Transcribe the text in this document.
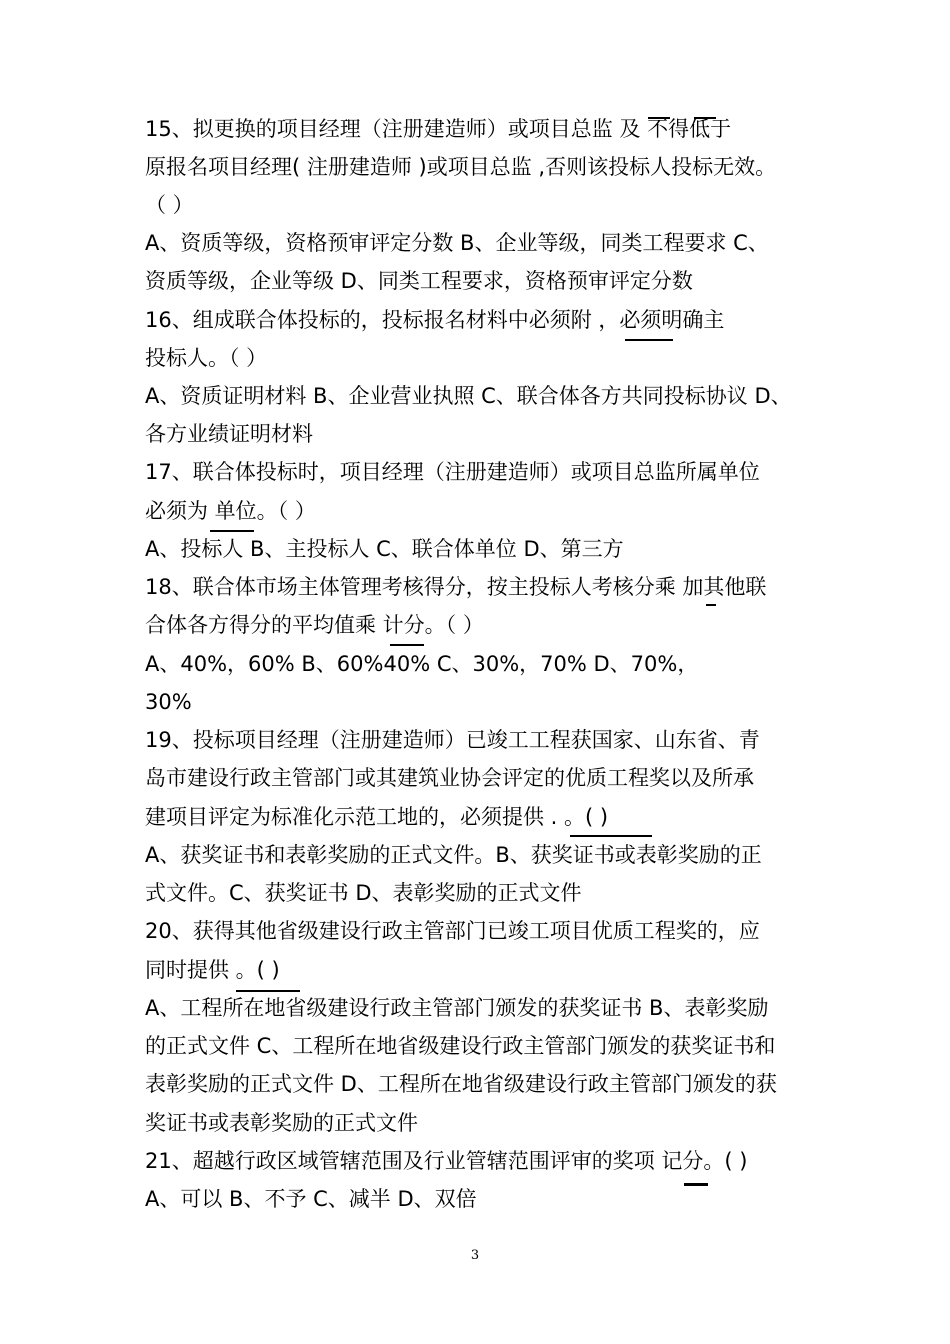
15、拟更换的项目经理（注册建造师）或项目总监 及 不得低于
原报名项目经理( 注册建造师 )或项目总监 ,否则该投标人投标无效。
（ ）
A、资质等级，资格预审评定分数 B、企业等级，同类工程要求 C、
资质等级，企业等级 D、同类工程要求，资格预审评定分数
16、组成联合体投标的，投标报名材料中必须附 ，必须明确主
投标人。（ ）
A、资质证明材料 B、企业营业执照 C、联合体各方共同投标协议 D、
各方业绩证明材料
17、联合体投标时，项目经理（注册建造师）或项目总监所属单位
必须为 单位。（ ）
A、投标人 B、主投标人 C、联合体单位 D、第三方
18、联合体市场主体管理考核得分，按主投标人考核分乘 加其他联
合体各方得分的平均值乘 计分。（ ）
A、40%，60% B、60%40% C、30%，70% D、70%，
30%
19、投标项目经理（注册建造师）已竣工工程获国家、山东省、青
岛市建设行政主管部门或其建筑业协会评定的优质工程奖以及所承
建项目评定为标准化示范工地的，必须提供 . 。( )
A、获奖证书和表彰奖励的正式文件。B、获奖证书或表彰奖励的正
式文件。C、获奖证书 D、表彰奖励的正式文件
20、获得其他省级建设行政主管部门已竣工项目优质工程奖的，应
同时提供 。( )
A、工程所在地省级建设行政主管部门颁发的获奖证书 B、表彰奖励
的正式文件 C、工程所在地省级建设行政主管部门颁发的获奖证书和
表彰奖励的正式文件 D、工程所在地省级建设行政主管部门颁发的获
奖证书或表彰奖励的正式文件
21、超越行政区域管辖范围及行业管辖范围评审的奖项 记分。( )
A、可以 B、不予 C、减半 D、双倍
3
